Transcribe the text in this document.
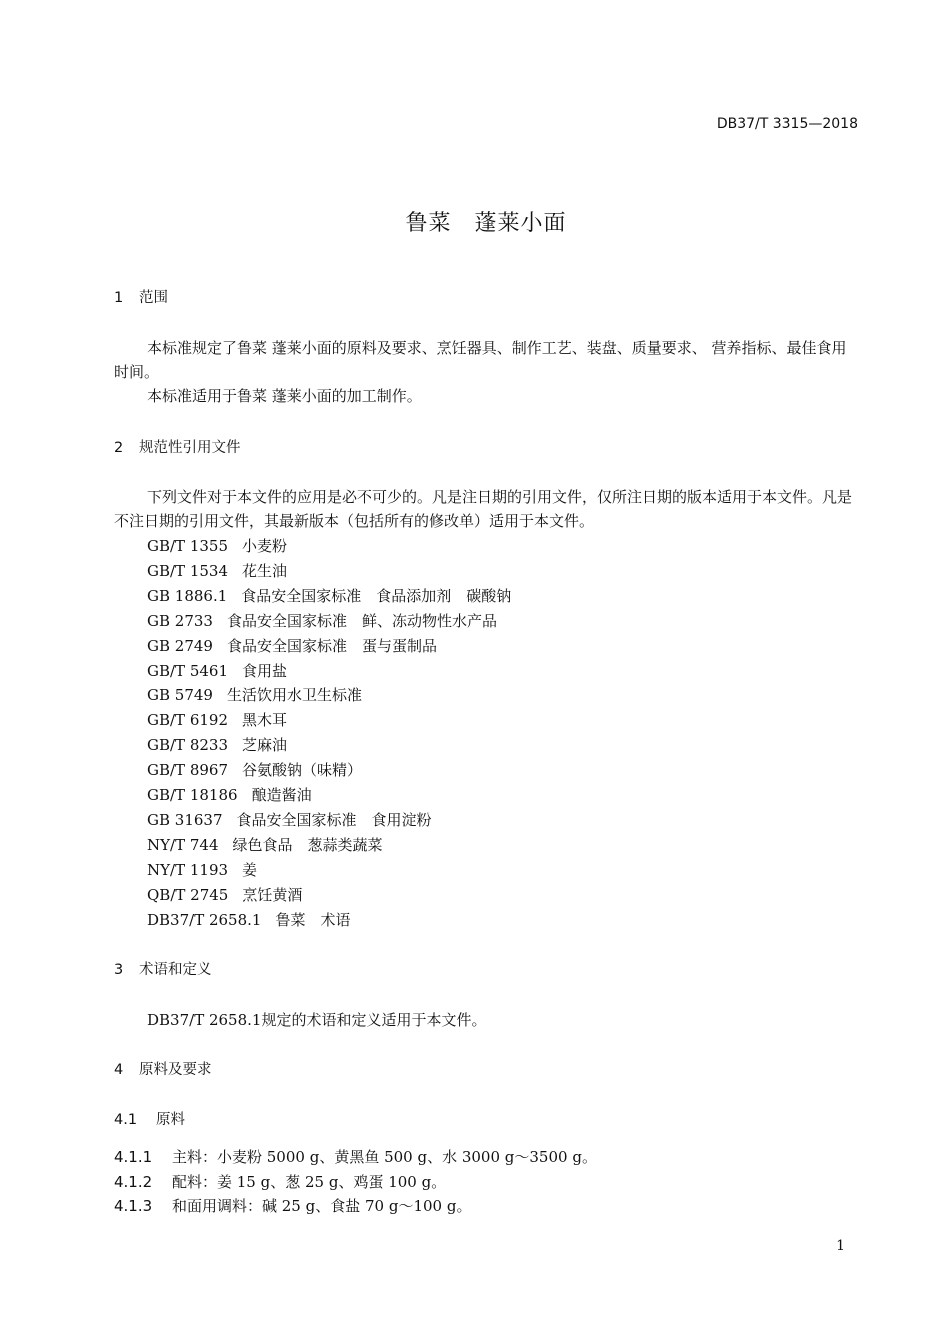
DB37/T 3315—2018
鲁菜　蓬莱小面
1 范围
本标准规定了鲁菜 蓬莱小面的原料及要求、烹饪器具、制作工艺、装盘、质量要求、 营养指标、最佳食用时间。
本标准适用于鲁菜 蓬莱小面的加工制作。
2 规范性引用文件
下列文件对于本文件的应用是必不可少的。凡是注日期的引用文件，仅所注日期的版本适用于本文件。凡是不注日期的引用文件，其最新版本（包括所有的修改单）适用于本文件。
GB/T 1355 小麦粉
GB/T 1534 花生油
GB 1886.1 食品安全国家标准　食品添加剂　碳酸钠
GB 2733 食品安全国家标准　鲜、冻动物性水产品
GB 2749 食品安全国家标准　蛋与蛋制品
GB/T 5461 食用盐
GB 5749 生活饮用水卫生标准
GB/T 6192 黑木耳
GB/T 8233 芝麻油
GB/T 8967 谷氨酸钠（味精）
GB/T 18186 酿造酱油
GB 31637 食品安全国家标准　食用淀粉
NY/T 744 绿色食品　葱蒜类蔬菜
NY/T 1193 姜
QB/T 2745 烹饪黄酒
DB37/T 2658.1 鲁菜　术语
3 术语和定义
DB37/T 2658.1规定的术语和定义适用于本文件。
4 原料及要求
4.1 原料
4.1.1 主料：小麦粉 5000 g、黄黑鱼 500 g、水 3000 g～3500 g。
4.1.2 配料：姜 15 g、葱 25 g、鸡蛋 100 g。
4.1.3 和面用调料：碱 25 g、食盐 70 g～100 g。
1
